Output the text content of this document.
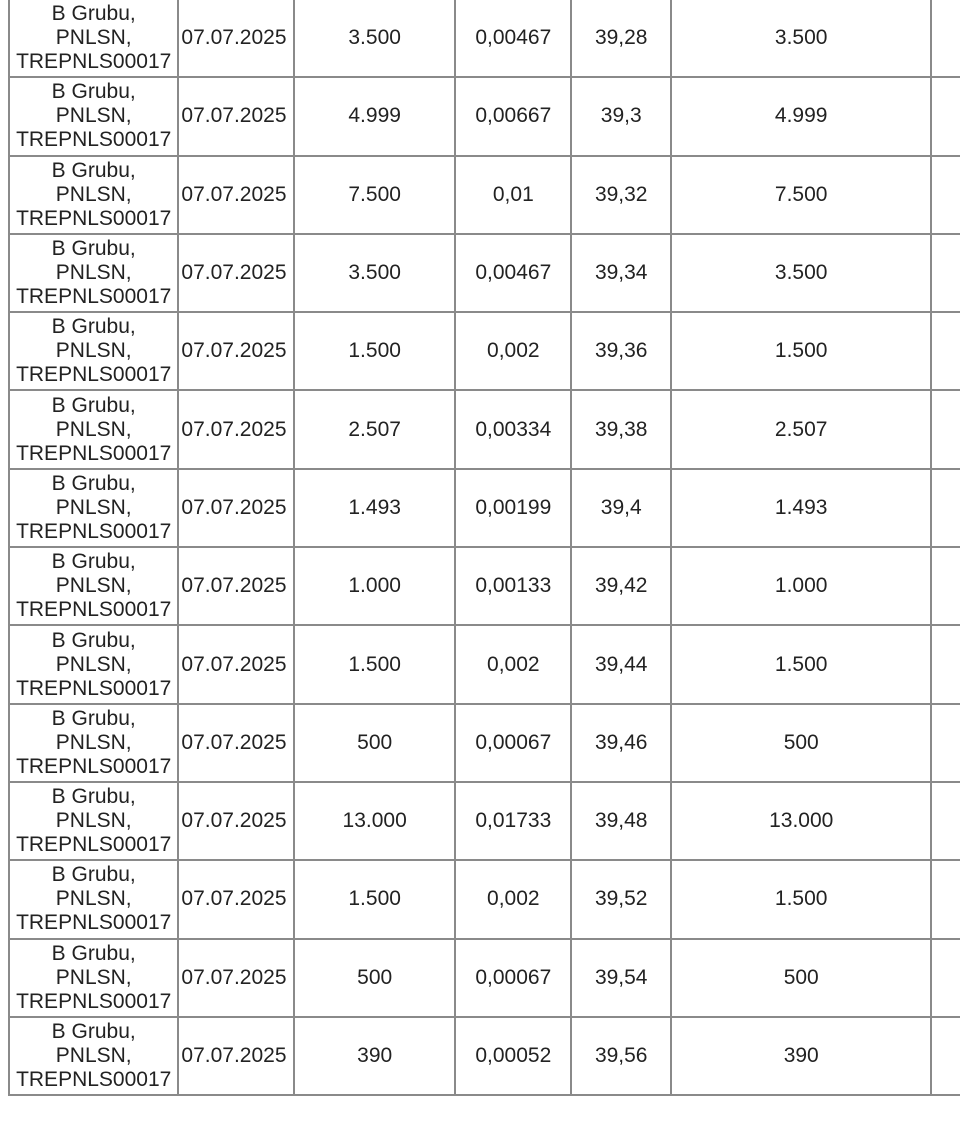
B Grubu,
PNLSN,
TREPNLS00017	07.07.2025	3.500	0,00467	39,28	3.500	

B Grubu,
PNLSN,
TREPNLS00017	07.07.2025	4.999	0,00667	39,3	4.999	

B Grubu,
PNLSN,
TREPNLS00017	07.07.2025	7.500	0,01	39,32	7.500	

B Grubu,
PNLSN,
TREPNLS00017	07.07.2025	3.500	0,00467	39,34	3.500	

B Grubu,
PNLSN,
TREPNLS00017	07.07.2025	1.500	0,002	39,36	1.500	

B Grubu,
PNLSN,
TREPNLS00017	07.07.2025	2.507	0,00334	39,38	2.507	

B Grubu,
PNLSN,
TREPNLS00017	07.07.2025	1.493	0,00199	39,4	1.493	

B Grubu,
PNLSN,
TREPNLS00017	07.07.2025	1.000	0,00133	39,42	1.000	

B Grubu,
PNLSN,
TREPNLS00017	07.07.2025	1.500	0,002	39,44	1.500	

B Grubu,
PNLSN,
TREPNLS00017	07.07.2025	500	0,00067	39,46	500	

B Grubu,
PNLSN,
TREPNLS00017	07.07.2025	13.000	0,01733	39,48	13.000	

B Grubu,
PNLSN,
TREPNLS00017	07.07.2025	1.500	0,002	39,52	1.500	

B Grubu,
PNLSN,
TREPNLS00017	07.07.2025	500	0,00067	39,54	500	

B Grubu,
PNLSN,
TREPNLS00017	07.07.2025	390	0,00052	39,56	390	
